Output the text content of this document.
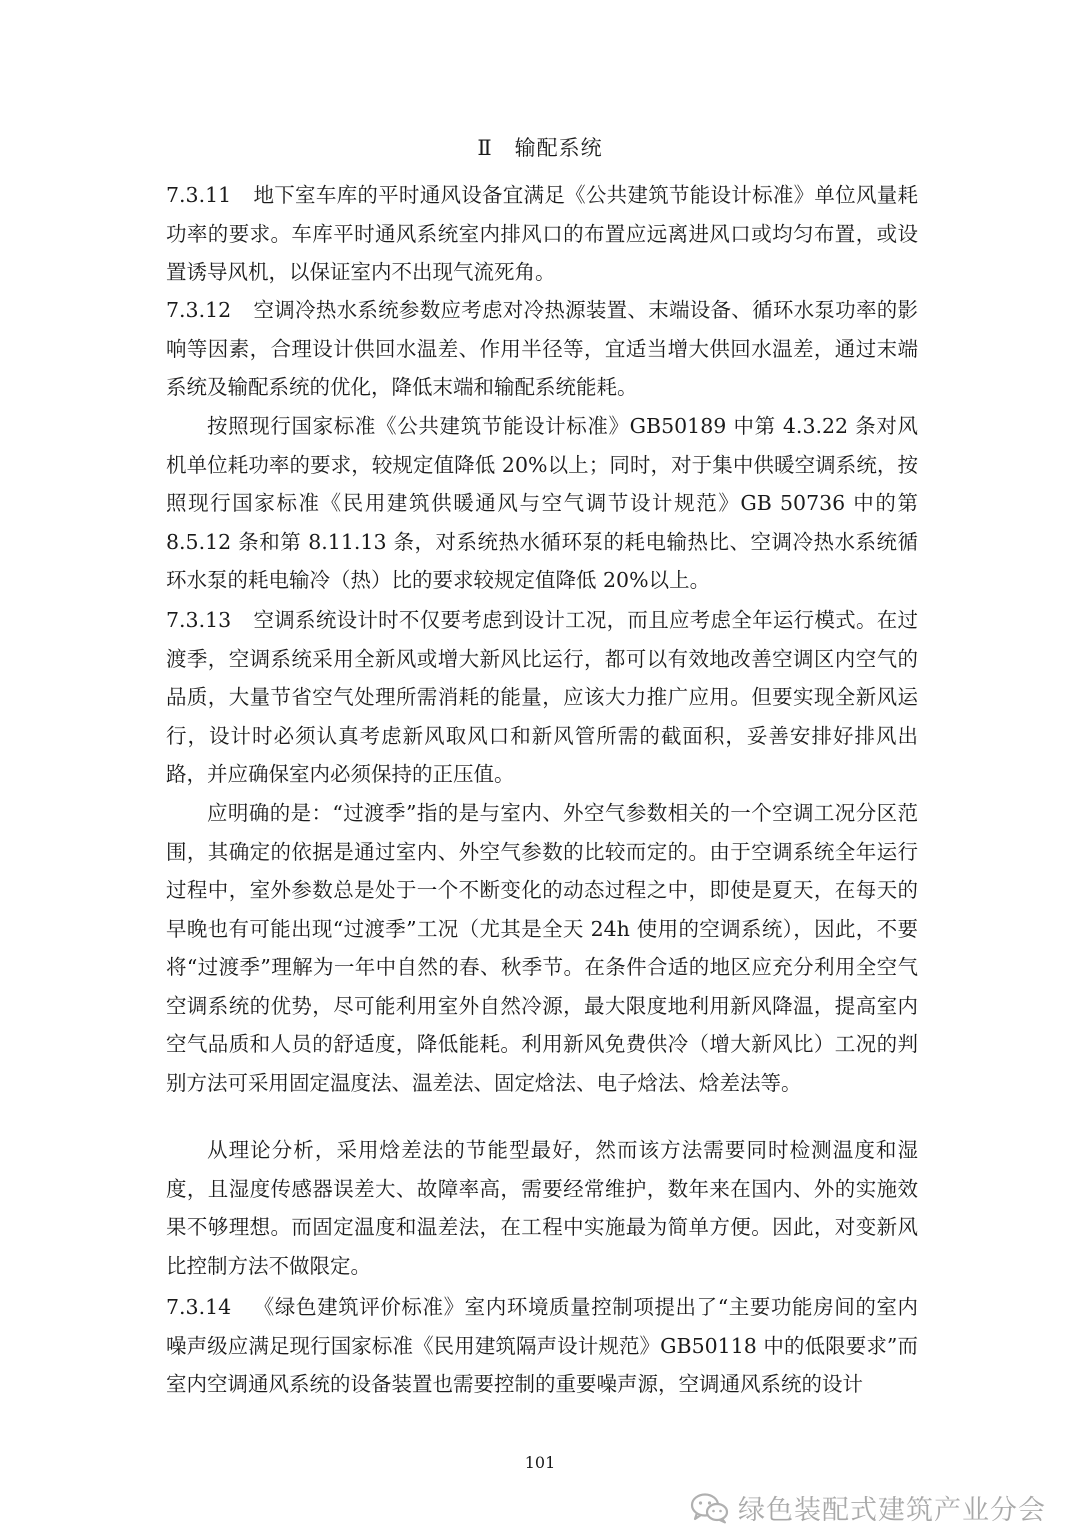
Ⅱ 输配系统

7.3.11 地下室车库的平时通风设备宜满足《公共建筑节能设计标准》单位风量耗功率的要求。车库平时通风系统室内排风口的布置应远离进风口或均匀布置，或设置诱导风机，以保证室内不出现气流死角。

7.3.12 空调冷热水系统参数应考虑对冷热源装置、末端设备、循环水泵功率的影响等因素，合理设计供回水温差、作用半径等，宜适当增大供回水温差，通过末端系统及输配系统的优化，降低末端和输配系统能耗。

按照现行国家标准《公共建筑节能设计标准》GB50189 中第 4.3.22 条对风机单位耗功率的要求，较规定值降低 20%以上；同时，对于集中供暖空调系统，按照现行国家标准《民用建筑供暖通风与空气调节设计规范》GB 50736 中的第 8.5.12 条和第 8.11.13 条，对系统热水循环泵的耗电输热比、空调冷热水系统循环水泵的耗电输冷（热）比的要求较规定值降低 20%以上。

7.3.13 空调系统设计时不仅要考虑到设计工况，而且应考虑全年运行模式。在过渡季，空调系统采用全新风或增大新风比运行，都可以有效地改善空调区内空气的品质，大量节省空气处理所需消耗的能量，应该大力推广应用。但要实现全新风运行，设计时必须认真考虑新风取风口和新风管所需的截面积，妥善安排好排风出路，并应确保室内必须保持的正压值。

应明确的是：“过渡季”指的是与室内、外空气参数相关的一个空调工况分区范围，其确定的依据是通过室内、外空气参数的比较而定的。由于空调系统全年运行过程中，室外参数总是处于一个不断变化的动态过程之中，即使是夏天，在每天的早晚也有可能出现“过渡季”工况（尤其是全天 24h 使用的空调系统），因此，不要将“过渡季”理解为一年中自然的春、秋季节。在条件合适的地区应充分利用全空气空调系统的优势，尽可能利用室外自然冷源，最大限度地利用新风降温，提高室内空气品质和人员的舒适度，降低能耗。利用新风免费供冷（增大新风比）工况的判别方法可采用固定温度法、温差法、固定焓法、电子焓法、焓差法等。

从理论分析，采用焓差法的节能型最好，然而该方法需要同时检测温度和湿度，且湿度传感器误差大、故障率高，需要经常维护，数年来在国内、外的实施效果不够理想。而固定温度和温差法，在工程中实施最为简单方便。因此，对变新风比控制方法不做限定。

7.3.14 《绿色建筑评价标准》室内环境质量控制项提出了“主要功能房间的室内噪声级应满足现行国家标准《民用建筑隔声设计规范》GB50118 中的低限要求”而室内空调通风系统的设备装置也需要控制的重要噪声源，空调通风系统的设计

101
绿色装配式建筑产业分会
